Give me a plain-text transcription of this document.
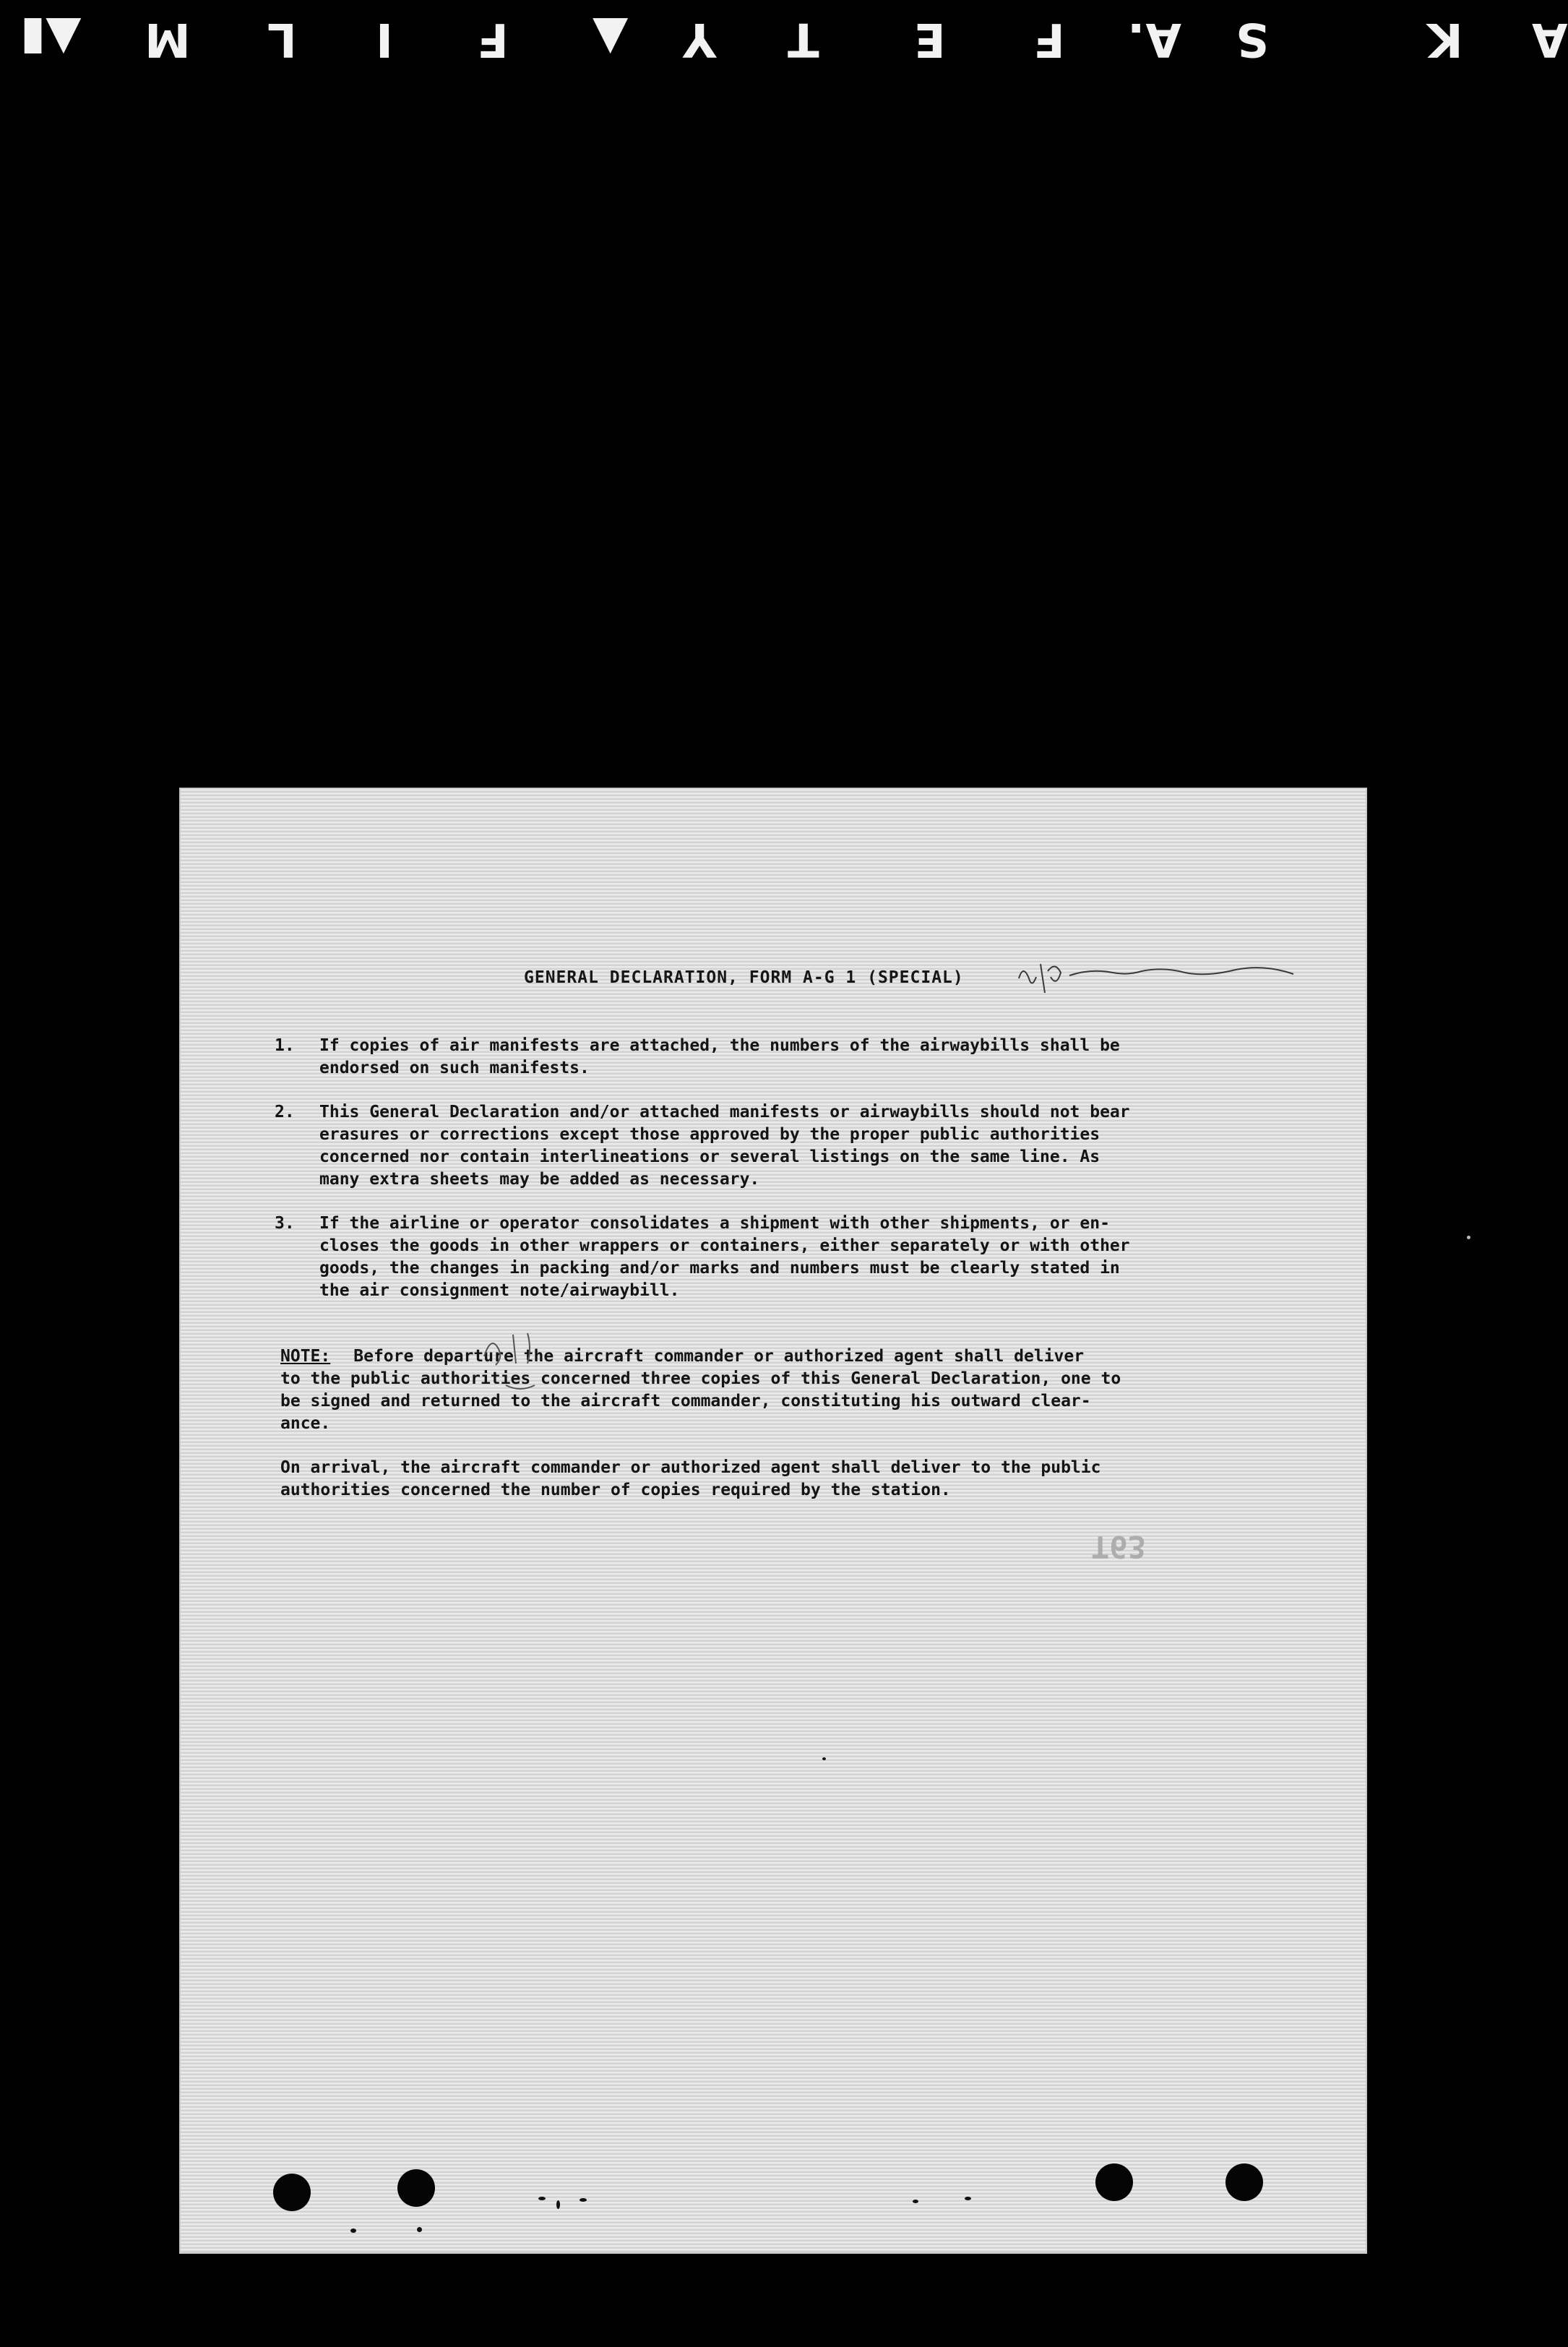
▲▮ M L I F ▲ Y T E F A. S	K A
GENERAL DECLARATION, FORM A-G 1 (SPECIAL)
1.	If copies of air manifests are attached, the numbers of the airwaybills shall be
endorsed on such manifests.
2.	This General Declaration and/or attached manifests or airwaybills should not bear
erasures or corrections except those approved by the proper public authorities
concerned nor contain interlineations or several listings on the same line. As
many extra sheets may be added as necessary.
3.	If the airline or operator consolidates a shipment with other shipments, or en-
closes the goods in other wrappers or containers, either separately or with other
goods, the changes in packing and/or marks and numbers must be clearly stated in
the air consignment note/airwaybill.
NOTE: Before departure the aircraft commander or authorized agent shall deliver
to the public authorities concerned three copies of this General Declaration, one to
be signed and returned to the aircraft commander, constituting his outward clear-
ance.
On arrival, the aircraft commander or authorized agent shall deliver to the public
authorities concerned the number of copies required by the station.
T63
